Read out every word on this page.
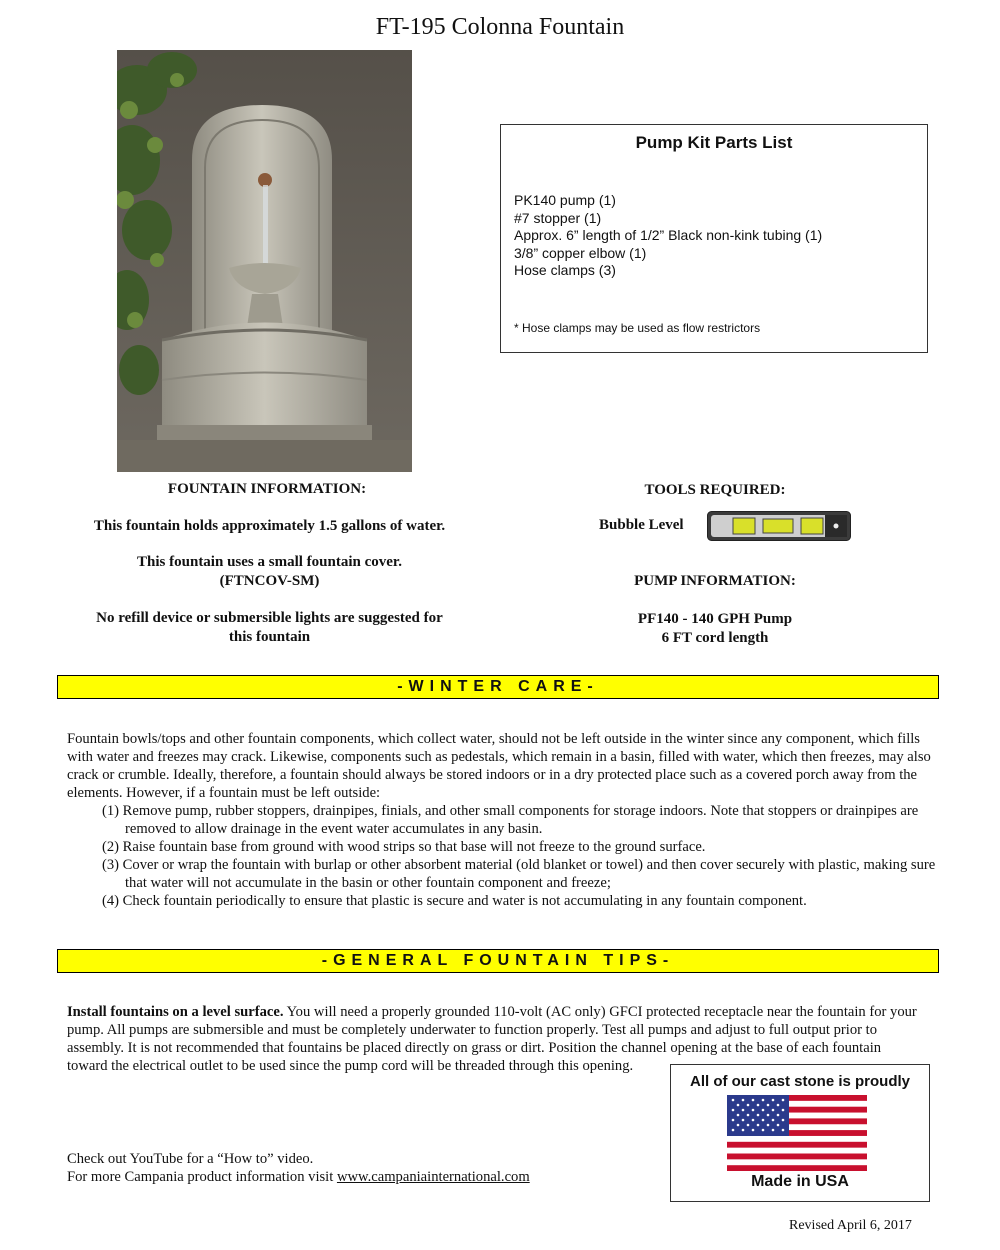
FT-195 Colonna Fountain
Pump Kit Parts List
PK140 pump (1)
#7 stopper (1)
Approx. 6” length of 1/2” Black non-kink tubing (1)
3/8” copper elbow (1)
Hose clamps (3)
* Hose clamps may be used as flow restrictors
FOUNTAIN INFORMATION:
This fountain holds approximately 1.5 gallons of water.
This fountain uses a small fountain cover.
(FTNCOV-SM)
No refill device or submersible lights are suggested for
this fountain
TOOLS REQUIRED:
Bubble Level
PUMP INFORMATION:
PF140 - 140 GPH Pump
6 FT cord length
-WINTER CARE-

Fountain bowls/tops and other fountain components, which collect water, should not be left outside in the winter since any component, which fills with water and freezes may crack. Likewise, components such as pedestals, which remain in a basin, filled with water, which then freezes, may also crack or crumble. Ideally, therefore, a fountain should always be stored indoors or in a dry protected place such as a covered porch away from the elements. However, if a fountain must be left outside:

(1) Remove pump, rubber stoppers, drainpipes, finials, and other small components for storage indoors. Note that stoppers or drainpipes are removed to allow drainage in the event water accumulates in any basin.

(2) Raise fountain base from ground with wood strips so that base will not freeze to the ground surface.

(3) Cover or wrap the fountain with burlap or other absorbent material (old blanket or towel) and then cover securely with plastic, making sure that water will not accumulate in the basin or other fountain component and freeze;

(4) Check fountain periodically to ensure that plastic is secure and water is not accumulating in any fountain component.

-GENERAL FOUNTAIN TIPS-

Install fountains on a level surface. You will need a properly grounded 110-volt (AC only) GFCI protected receptacle near the fountain for your pump. All pumps are submersible and must be completely underwater to function properly. Test all pumps and adjust to full output prior to assembly. It is not recommended that fountains be placed directly on grass or dirt. Position the channel opening at the base of each fountain toward the electrical outlet to be used since the pump cord will be threaded through this opening.

Check out YouTube for a “How to” video.

For more Campania product information visit www.campaniainternational.com

All of our cast stone is proudly
Made in USA
Revised April 6, 2017
